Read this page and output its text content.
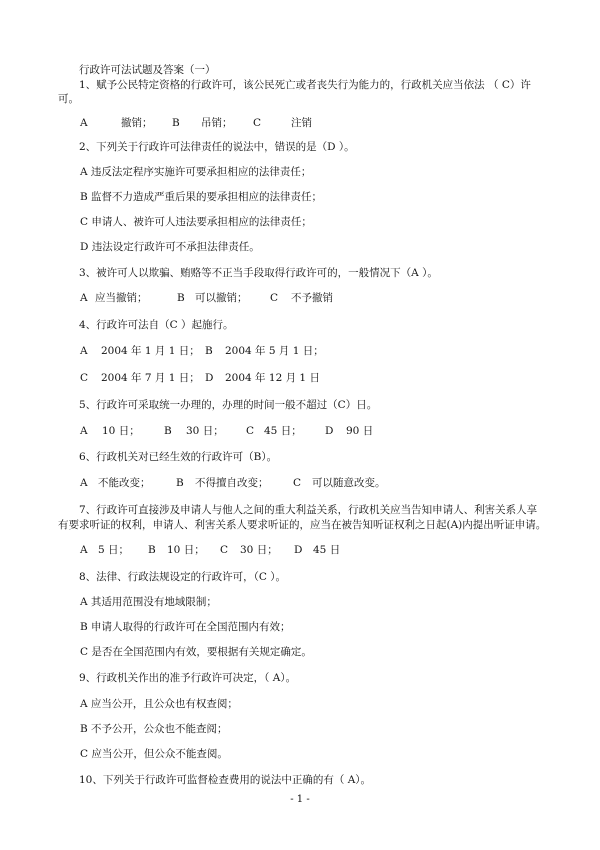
行政许可法试题及答案（一）
1、赋予公民特定资格的行政许可，该公民死亡或者丧失行为能力的，行政机关应当依法 （ C）许
可。
A	撤销； B 吊销； C	注销
2、下列关于行政许可法律责任的说法中，错误的是（D ）。
A 违反法定程序实施许可要承担相应的法律责任；
B 监督不力造成严重后果的要承担相应的法律责任；
C 申请人、被许可人违法要承担相应的法律责任；
D 违法设定行政许可不承担法律责任。
3、被许可人以欺骗、贿赂等不正当手段取得行政许可的，一般情况下（A ）。
A 应当撤销；	B 可以撤销； C 不予撤销
4、行政许可法自（C ）起施行。
A 2004 年 1 月 1 日； B 2004 年 5 月 1 日；
C 2004 年 7 月 1 日； D 2004 年 12 月 1 日
5、行政许可采取统一办理的，办理的时间一般不超过（C）日。
A 10 日； B 30 日； C 45 日； D 90 日
6、行政机关对已经生效的行政许可（B）。
A 不能改变； B 不得擅自改变； C 可以随意改变。
7、行政许可直接涉及申请人与他人之间的重大利益关系，行政机关应当告知申请人、利害关系人享
有要求听证的权利，申请人、利害关系人要求听证的，应当在被告知听证权利之日起(A)内提出听证申请。
A 5 日； B 10 日； C 30 日； D 45 日
8、法律、行政法规设定的行政许可，（C ）。
A 其适用范围没有地域限制；
B 申请人取得的行政许可在全国范围内有效；
C 是否在全国范围内有效，要根据有关规定确定。
9、行政机关作出的准予行政许可决定，（ A）。
A 应当公开，且公众也有权查阅；
B 不予公开，公众也不能查阅；
C 应当公开，但公众不能查阅。
10、下列关于行政许可监督检查费用的说法中正确的有（ A）。
- 1 -
